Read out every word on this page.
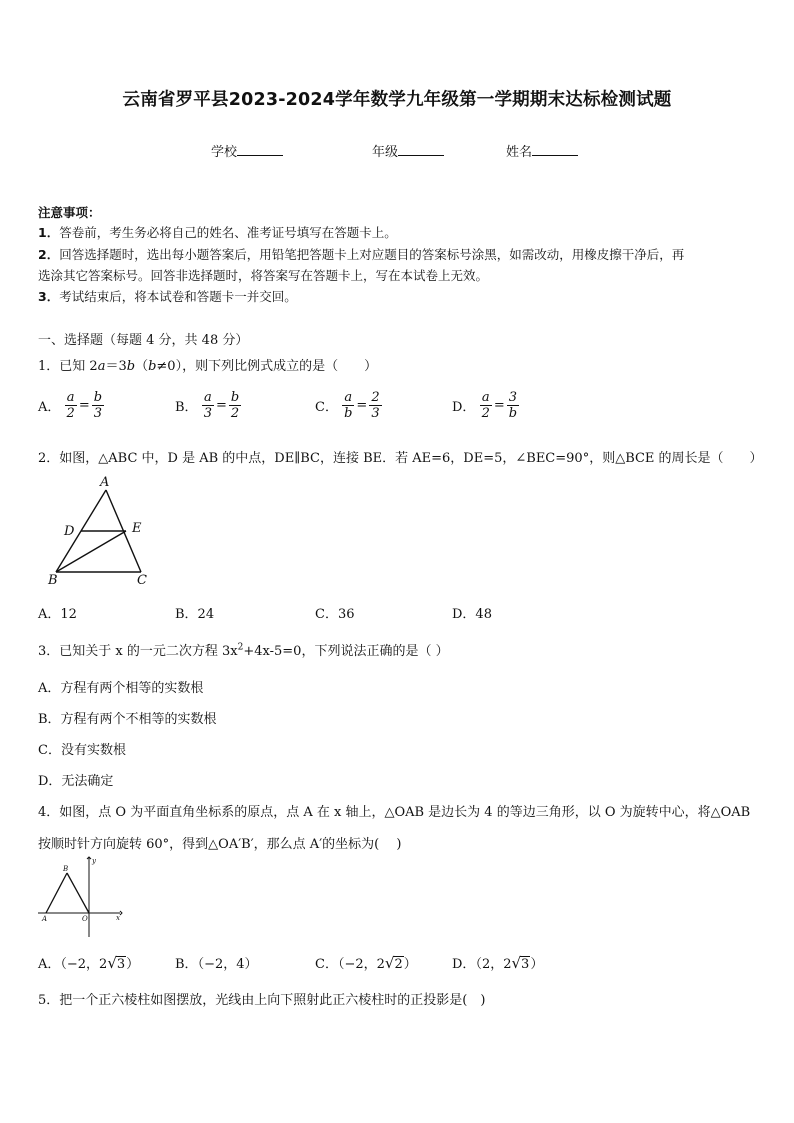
云南省罗平县2023-2024学年数学九年级第一学期期末达标检测试题
学校	年级	姓名
注意事项：
1．答卷前，考生务必将自己的姓名、准考证号填写在答题卡上。
2．回答选择题时，选出每小题答案后，用铅笔把答题卡上对应题目的答案标号涂黑，如需改动，用橡皮擦干净后，再
选涂其它答案标号。回答非选择题时，将答案写在答题卡上，写在本试卷上无效。
3．考试结束后，将本试卷和答题卡一并交回。
一、选择题（每题 4 分，共 48 分）
1．已知 2a＝3b（b≠0），则下列比例式成立的是（　　）
A． $\frac{a}{2} = \frac{b}{3}$	B． $\frac{a}{3} = \frac{b}{2}$	C． $\frac{a}{b} = \frac{2}{3}$	D． $\frac{a}{2} = \frac{3}{b}$
2．如图，△ABC 中，D 是 AB 的中点，DE∥BC，连接 BE．若 AE=6，DE=5，∠BEC=90°，则△BCE 的周长是（　　）
A
D	E
B	C
A．12	B．24	C．36	D．48
3．已知关于 x 的一元二次方程 $3x^2+4x-5=0$，下列说法正确的是（ ）
A．方程有两个相等的实数根
B．方程有两个不相等的实数根
C．没有实数根
D．无法确定
4．如图，点 O 为平面直角坐标系的原点，点 A 在 x 轴上，△OAB 是边长为 4 的等边三角形，以 O 为旋转中心，将△OAB
按顺时针方向旋转 60°，得到△OA′B′，那么点 A′的坐标为(　 )
A
B
O	x
y
A．（−2，2√3）	B．（−2，4）	C．（−2，2√2）	D．（2，2√3）
5．把一个正六棱柱如图摆放，光线由上向下照射此正六棱柱时的正投影是(　)
